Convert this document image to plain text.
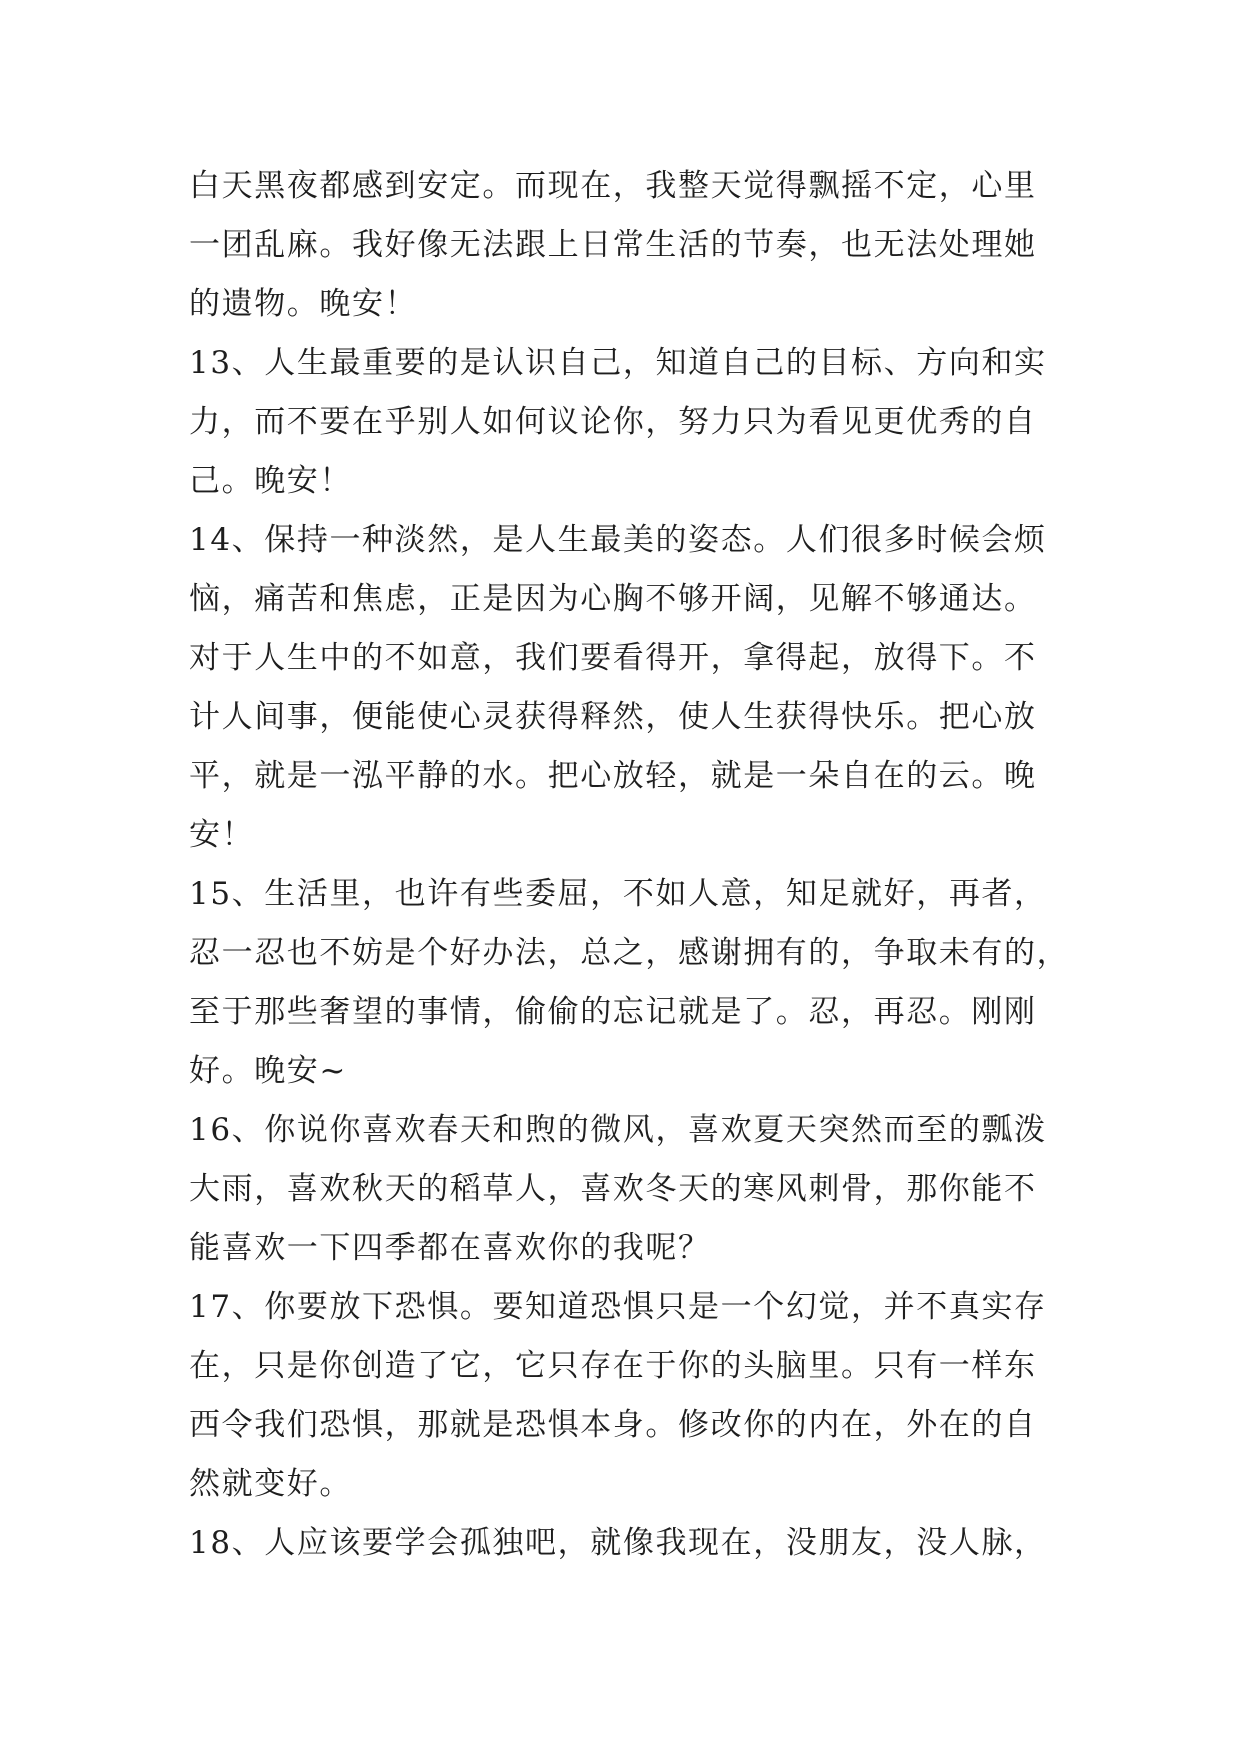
白天黑夜都感到安定。而现在，我整天觉得飘摇不定，心里
一团乱麻。我好像无法跟上日常生活的节奏，也无法处理她
的遗物。晚安！
13、人生最重要的是认识自己，知道自己的目标、方向和实
力，而不要在乎别人如何议论你，努力只为看见更优秀的自
己。晚安！
14、保持一种淡然，是人生最美的姿态。人们很多时候会烦
恼，痛苦和焦虑，正是因为心胸不够开阔，见解不够通达。
对于人生中的不如意，我们要看得开，拿得起，放得下。不
计人间事，便能使心灵获得释然，使人生获得快乐。把心放
平，就是一泓平静的水。把心放轻，就是一朵自在的云。晚
安！
15、生活里，也许有些委屈，不如人意，知足就好，再者，
忍一忍也不妨是个好办法，总之，感谢拥有的，争取未有的，
至于那些奢望的事情，偷偷的忘记就是了。忍，再忍。刚刚
好。晚安~
16、你说你喜欢春天和煦的微风，喜欢夏天突然而至的瓢泼
大雨，喜欢秋天的稻草人，喜欢冬天的寒风刺骨，那你能不
能喜欢一下四季都在喜欢你的我呢？
17、你要放下恐惧。要知道恐惧只是一个幻觉，并不真实存
在，只是你创造了它，它只存在于你的头脑里。只有一样东
西令我们恐惧，那就是恐惧本身。修改你的内在，外在的自
然就变好。
18、人应该要学会孤独吧，就像我现在，没朋友，没人脉，
